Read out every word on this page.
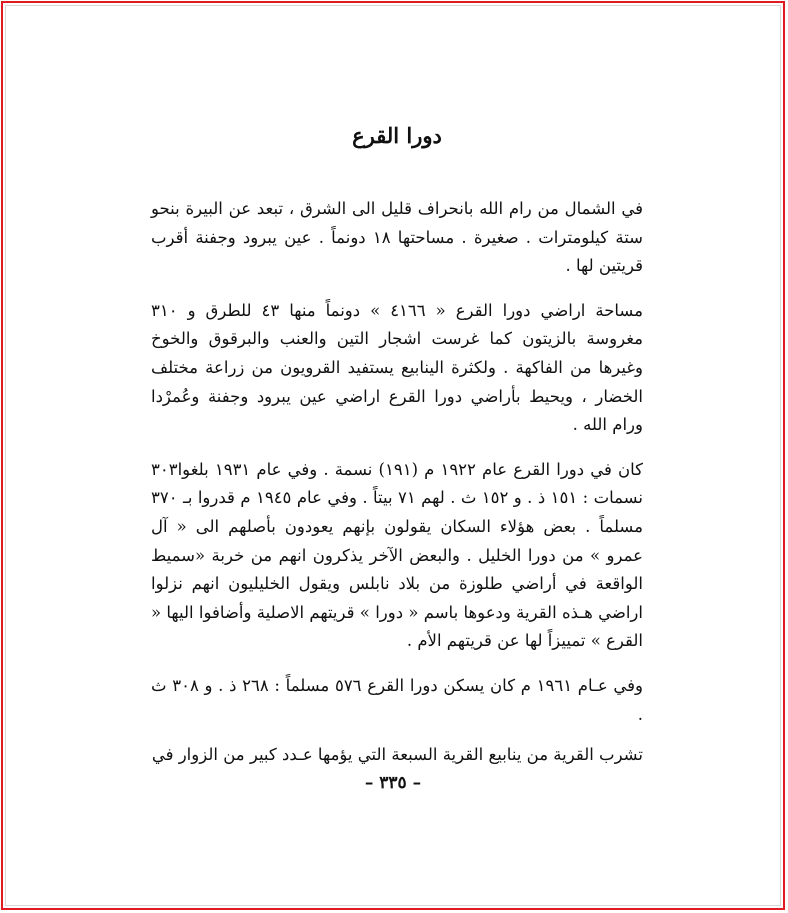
دورا القرع

في الشمال من رام الله بانحراف قليل الى الشرق ، تبعد عن البيرة بنحو ستة كيلومترات . صغيرة . مساحتها ١٨ دونماً . عين يبرود وجفنة أقرب قريتين لها .

مساحة اراضي دورا القرع « ٤١٦٦ » دونماً منها ٤٣ للطرق و ٣١٠ مغروسة بالزيتون كما غرست اشجار التين والعنب والبرقوق والخوخ وغيرها من الفاكهة . ولكثرة الينابيع يستفيد القرويون من زراعة مختلف الخضار ، ويحيط بأراضي دورا القرع اراضي عين يبرود وجفنة وعُمرْدا ورام الله .

كان في دورا القرع عام ١٩٢٢ م (١٩١) نسمة . وفي عام ١٩٣١ بلغوا٣٠٣ نسمات : ١٥١ ذ . و ١٥٢ ث . لهم ٧١ بيتاً . وفي عام ١٩٤٥ م قدروا بـ ٣٧٠ مسلماً . بعض هؤلاء السكان يقولون بإنهم يعودون بأصلهم الى « آل عمرو » من دورا الخليل . والبعض الآخر يذكرون انهم من خربة «سميط الواقعة في أراضي طلوزة من بلاد نابلس ويقول الخليليون انهم نزلوا اراضي هـذه القرية ودعوها باسم « دورا » قريتهم الاصلية وأضافوا اليها « القرع » تمييزاً لها عن قريتهم الأم .

وفي عـام ١٩٦١ م كان يسكن دورا القرع ٥٧٦ مسلماً : ٢٦٨ ذ . و ٣٠٨ ث .

تشرب القرية من ينابيع القرية السبعة التي يؤمها عـدد كبير من الزوار في

– ٣٣٥ –
